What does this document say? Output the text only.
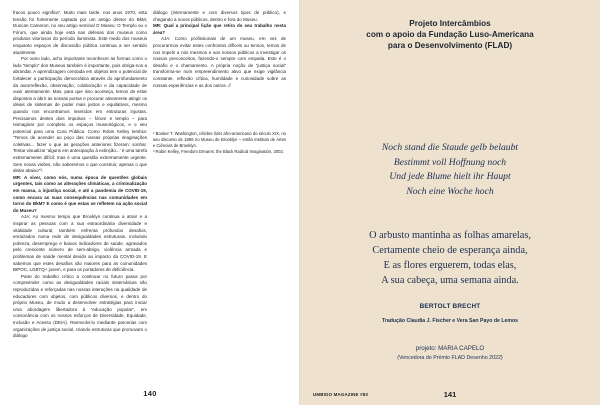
fracos pouco significa”. Muito mais tarde, nos anos 1970, esta tensão foi fortemente captada por um antigo diretor do BkM, Duncan Cameron, no seu artigo seminal O Museu: O Templo ou o Fórum, que ainda hoje está nas defesas dos museus como produtos vitoriosos do período iluminista. Este medo dos museus enquanto espaços de discussão pública continua a ser sentido atualmente.

Por outro lado, acho importante reconhecer as formas como o lado “templo” dos Museus também é importante, pois obriga-nos a abrandar. A aprendizagem centrada em objetos tem o potencial de fortalecer a participação democrática através do aprofundamento da autorreflexão, observação, colaboração e da capacidade de ouvir atentamente. Mas, para que isso aconteça, temos de estar dispostos a abrir as nossas portas e procurar ativamente atingir os ideais de sistemas de poder mais justos e equitativos, mesmo quando nos encontramos inseridos em estruturas injustas. Precisamos destes dois impulsos – fórum e templo – para reimaginar por completo os espaços museológicos, e o seu potencial para uma Cura Pública. Como Robin Kelley lembra: “Temos de acender ao poço das nossas próprias imaginações coletivas... fazer o que as gerações anteriores fizeram: sonhar. Tentar visualizar ‘alguns em antecipação à extinção...’ é uma tarefa extremamente difícil; mas é uma questão extremamente urgente. Sem novas visões, não saberemos o que construir, apenas o que deitar abaixo”³.

MR: A viver, como nós, numa época de questões globais urgentes, tais como as alterações climáticas, a criminalização em massa, a injustiça social, e até a pandemia de COVID-19, como encara as suas consequências nas comunidades em torno do BkM? E como é que estas se refletem na ação social do Museu?

AJA: Ao mesmo tempo que Brooklyn continua a atrair e a inspirar as pessoas com a sua extraordinária diversidade e vitalidade cultural, também enfrenta profundos desafios, enraizados numa rede de desigualdades estruturais, incluindo pobreza, desemprego e baixos indicadores de saúde, agravados pelo crescente número de sem-abrigo, violência armada e problemas de saúde mental devido ao impacto da COVID-19. E sabemos que estes desafios são maiores para as comunidades BIPOC, LGBTQ+ jovem, e para os portadores de deficiência.

Parte do trabalho crítico a continuar no futuro passa por compreender como as desigualdades raciais sistemáticas são reproduzidas e reforçadas nas nossas interações na qualidade de educadores com objetos, com públicos diversos, e dentro do próprio Museu, de modo a desenvolver estratégias para iniciar uma abordagem libertadora à “educação popular”, em consonância com os nossos esforços de Diversidade, Equidade, Inclusão e Acesso (DEIA). Reenvolvi-lo mediante parcerias com organizações de justiça social, criando estruturas que promovam o diálogo

diálogo (internamente e com diversos tipos de público), e chegando a novos públicos, dentro e fora do Museu.

MR: Qual a principal lição que retira do seu trabalho nesta área?

AJA: Como profissionais de um museu, em vez de procurarmos evitar estes confrontos difíceis ou tensos, temos de nos impelir a nós mesmos e aos nossos públicos a investigar os nossos preconceitos, fazendo-o sempre com empatia. Este é o desafio e o chamamento. A própria noção de “justiça social” transforma-se num empreendimento ativo que exige vigilância constante, reflexão crítica, humildade e curiosidade sobre as nossas experiências e as dos outros. //

² Booker T. Washington, célebre líder afro-americano do século XIX, no seu discurso de 1896 no Museu de Brooklyn – então Instituto de Artes e Ciências de Brooklyn.

³ Robin Kelley, Freedom Dreams: the Black Radical Imagination, 2002.

140
Projeto Intercâmbios
com o apoio da Fundação Luso-Americana
para o Desenvolvimento (FLAD)
Noch stand die Staude gelb belaubt
Bestimmt voll Hoffnung noch
Und jede Blume hielt ihr Haupt
Noch eine Woche hoch
O arbusto mantinha as folhas amarelas,
Certamente cheio de esperança ainda,
E as flores erguerem, todas elas,
A sua cabeça, uma semana ainda.
BERTOLT BRECHT
Tradução Claudia J. Fischer e Vera San Payo de Lemos
projeto: MARIA CAPELO
(Vencedora do Prémio FLAD Desenho 2022)
UMBIGO MAGAZINE #83	141
